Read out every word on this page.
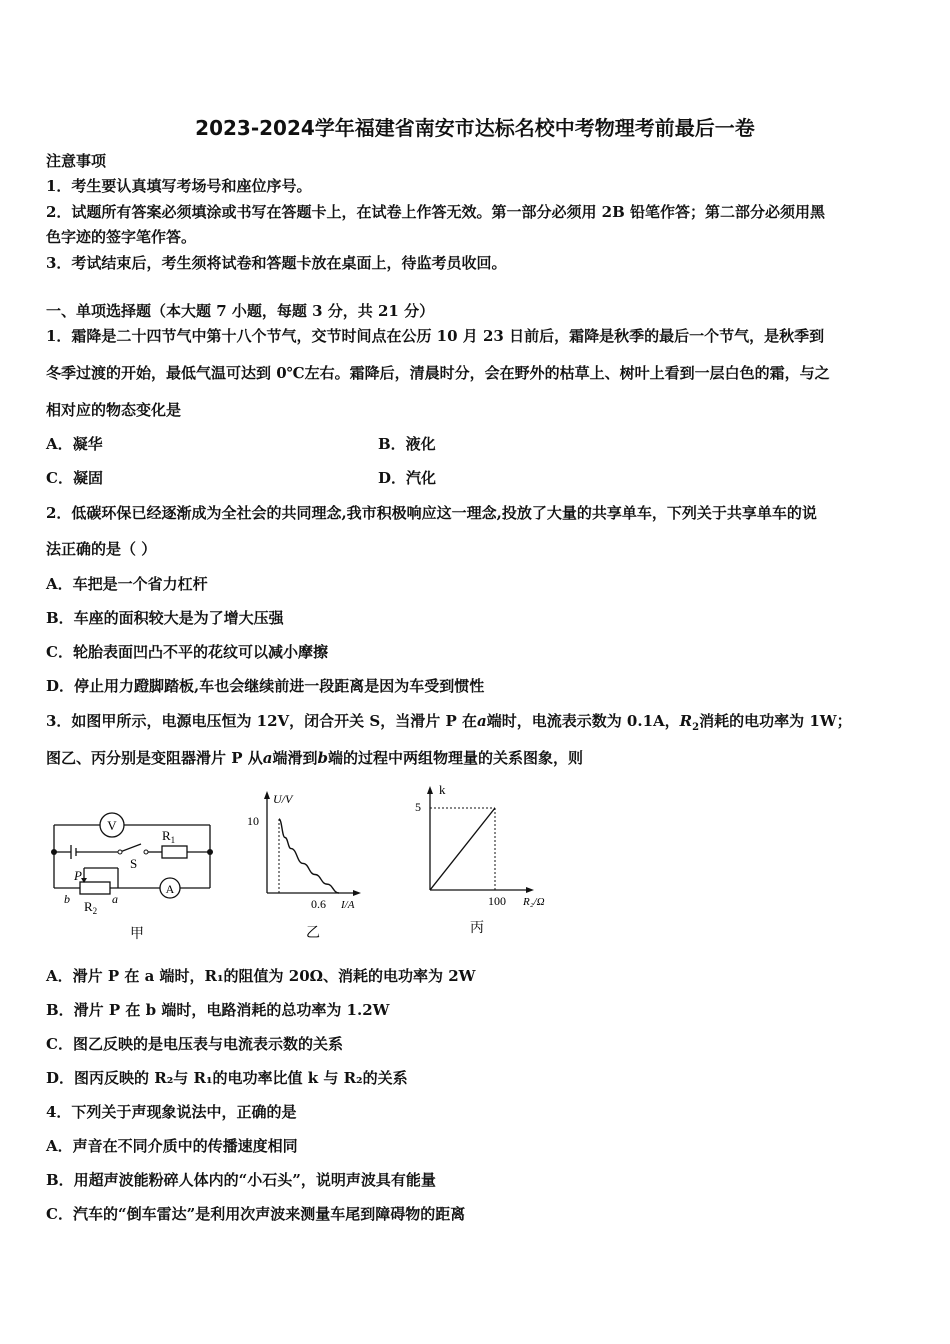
2023-2024学年福建省南安市达标名校中考物理考前最后一卷
注意事项
1．考生要认真填写考场号和座位序号。
2．试题所有答案必须填涂或书写在答题卡上，在试卷上作答无效。第一部分必须用 2B 铅笔作答；第二部分必须用黑
色字迹的签字笔作答。
3．考试结束后，考生须将试卷和答题卡放在桌面上，待监考员收回。
一、单项选择题（本大题 7 小题，每题 3 分，共 21 分）
1．霜降是二十四节气中第十八个节气，交节时间点在公历 10 月 23 日前后，霜降是秋季的最后一个节气，是秋季到
冬季过渡的开始，最低气温可达到 0℃左右。霜降后，清晨时分，会在野外的枯草上、树叶上看到一层白色的霜，与之
相对应的物态变化是
A．凝华	B．液化
C．凝固	D．汽化
2．低碳环保已经逐渐成为全社会的共同理念,我市积极响应这一理念,投放了大量的共享单车，下列关于共享单车的说
法正确的是（ ）
A．车把是一个省力杠杆
B．车座的面积较大是为了增大压强
C．轮胎表面凹凸不平的花纹可以减小摩擦
D．停止用力蹬脚踏板,车也会继续前进一段距离是因为车受到惯性
3．如图甲所示，电源电压恒为 12V，闭合开关 S，当滑片 P 在a端时，电流表示数为 0.1A，$R_2$消耗的电功率为 1W；
图乙、丙分别是变阻器滑片 P 从a端滑到b端的过程中两组物理量的关系图象，则
V
A
$R_1$
S
P
b	a
$R_2$
甲
U/V
10
0.6 I/A
乙
k
5
100 R₂/Ω
丙
A．滑片 P 在 a 端时，R₁的阻值为 20Ω、消耗的电功率为 2W
B．滑片 P 在 b 端时，电路消耗的总功率为 1.2W
C．图乙反映的是电压表与电流表示数的关系
D．图丙反映的 R₂与 R₁的电功率比值 k 与 R₂的关系
4．下列关于声现象说法中，正确的是
A．声音在不同介质中的传播速度相同
B．用超声波能粉碎人体内的“小石头”，说明声波具有能量
C．汽车的“倒车雷达”是利用次声波来测量车尾到障碍物的距离
